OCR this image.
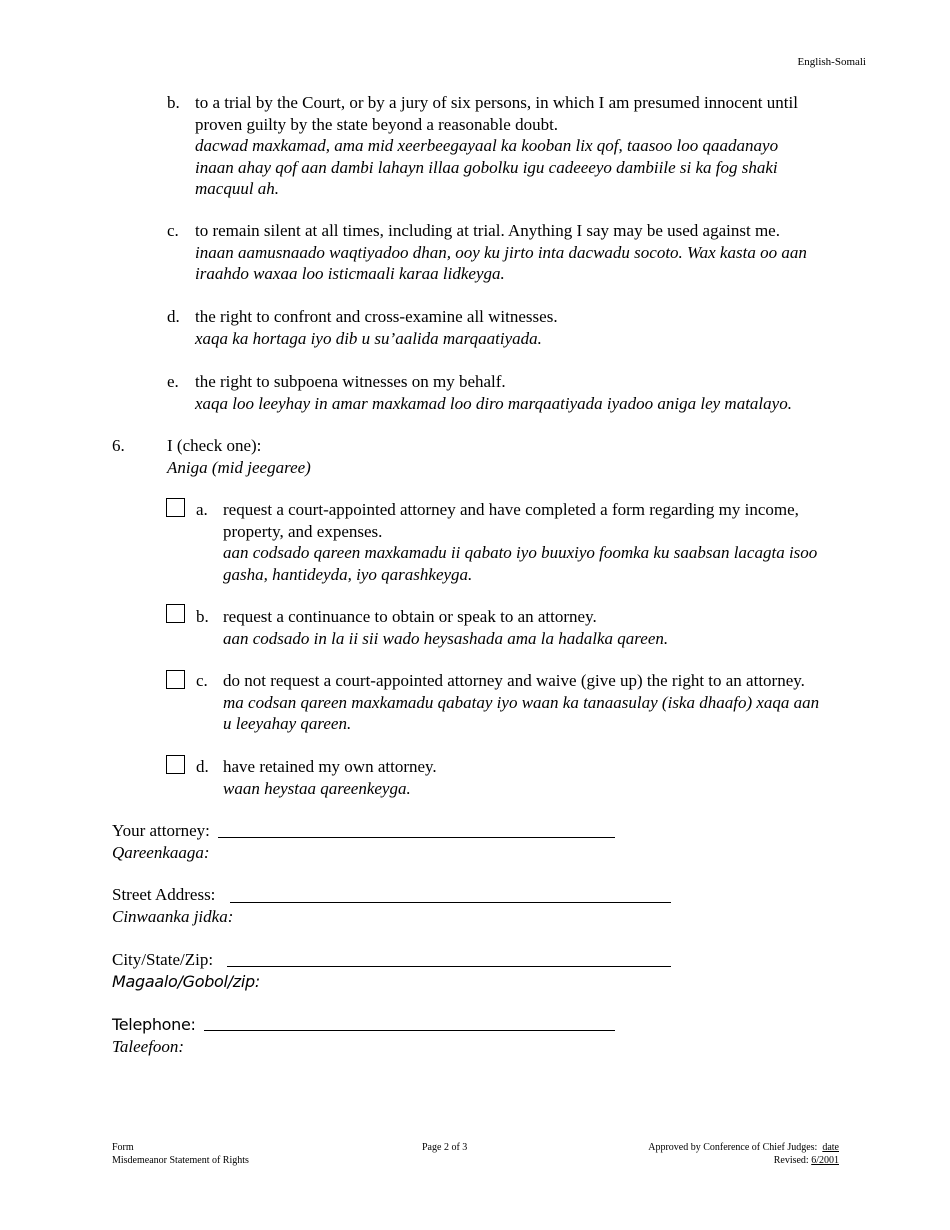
English-Somali
b. to a trial by the Court, or by a jury of six persons, in which I am presumed innocent until
proven guilty by the state beyond a reasonable doubt.
dacwad maxkamad, ama mid xeerbeegayaal ka kooban lix qof, taasoo loo qaadanayo
inaan ahay qof aan dambi lahayn illaa gobolku igu cadeeeyo dambiile si ka fog shaki
macquul ah.
c. to remain silent at all times, including at trial. Anything I say may be used against me.
inaan aamusnaado waqtiyadoo dhan, ooy ku jirto inta dacwadu socoto. Wax kasta oo aan
iraahdo waxaa loo isticmaali karaa lidkeyga.
d. the right to confront and cross-examine all witnesses.
xaqa ka hortaga iyo dib u su’aalida marqaatiyada.
e. the right to subpoena witnesses on my behalf.
xaqa loo leeyhay in amar maxkamad loo diro marqaatiyada iyadoo aniga ley matalayo.
6. I (check one):
Aniga (mid jeegaree)
a. request a court-appointed attorney and have completed a form regarding my income,
property, and expenses.
aan codsado qareen maxkamadu ii qabato iyo buuxiyo foomka ku saabsan lacagta isoo
gasha, hantideyda, iyo qarashkeyga.
b. request a continuance to obtain or speak to an attorney.
aan codsado in la ii sii wado heysashada ama la hadalka qareen.
c. do not request a court-appointed attorney and waive (give up) the right to an attorney.
ma codsan qareen maxkamadu qabatay iyo waan ka tanaasulay (iska dhaafo) xaqa aan
u leeyahay qareen.
d. have retained my own attorney.
waan heystaa qareenkeyga.
Your attorney:
Qareenkaaga:
Street Address:
Cinwaanka jidka:
City/State/Zip:
Magaalo/Gobol/zip:
Telephone:
Taleefoon:
Form
Misdemeanor Statement of Rights
Page 2 of 3	Approved by Conference of Chief Judges: date
Revised: 6/2001
